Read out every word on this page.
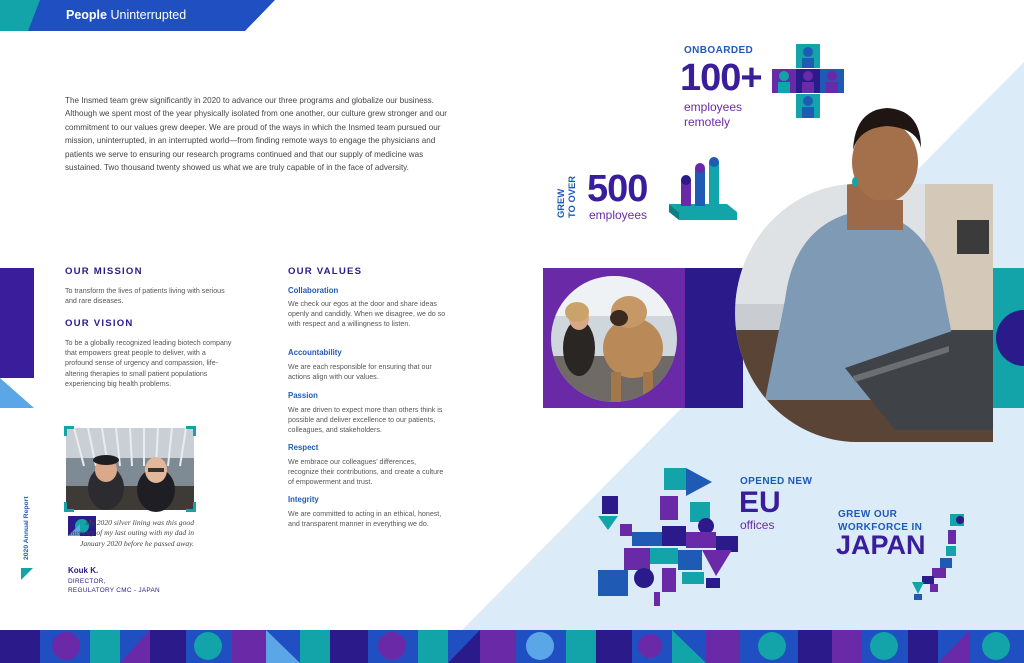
People Uninterrupted

The Insmed team grew significantly in 2020 to advance our three programs and globalize our business. Although we spent most of the year physically isolated from one another, our culture grew stronger and our commitment to our values grew deeper. We are proud of the ways in which the Insmed team pursued our mission, uninterrupted, in an interrupted world—from finding remote ways to engage the physicians and patients we serve to ensuring our research programs continued and that our supply of medicine was sustained. Two thousand twenty showed us what we are truly capable of in the face of adversity.

OUR MISSION

To transform the lives of patients living with serious and rare diseases.

OUR VISION

To be a globally recognized leading biotech company that empowers great people to deliver, with a profound sense of urgency and compassion, life-altering therapies to small patient populations experiencing big health problems.

OUR VALUES
Collaboration

We check our egos at the door and share ideas openly and candidly. When we disagree, we do so with respect and a willingness to listen.

Accountability

We are each responsible for ensuring that our actions align with our values.

Passion

We are driven to expect more than others think is possible and deliver excellence to our patients, colleagues, and stakeholders.

Respect

We embrace our colleagues' differences, recognize their contributions, and create a culture of empowerment and trust.

Integrity

We are committed to acting in an ethical, honest, and transparent manner in everything we do.

My 2020 silver lining was this good memory of my last outing with my dad in January 2020 before he passed away.

Kouk K.
DIRECTOR,
REGULATORY CMC - JAPAN
2020 Annual Report
ONBOARDED
100+
employees
remotely
GREW TO OVER 500
employees
OPENED NEW
EU
offices
GREW OUR
WORKFORCE IN
JAPAN
